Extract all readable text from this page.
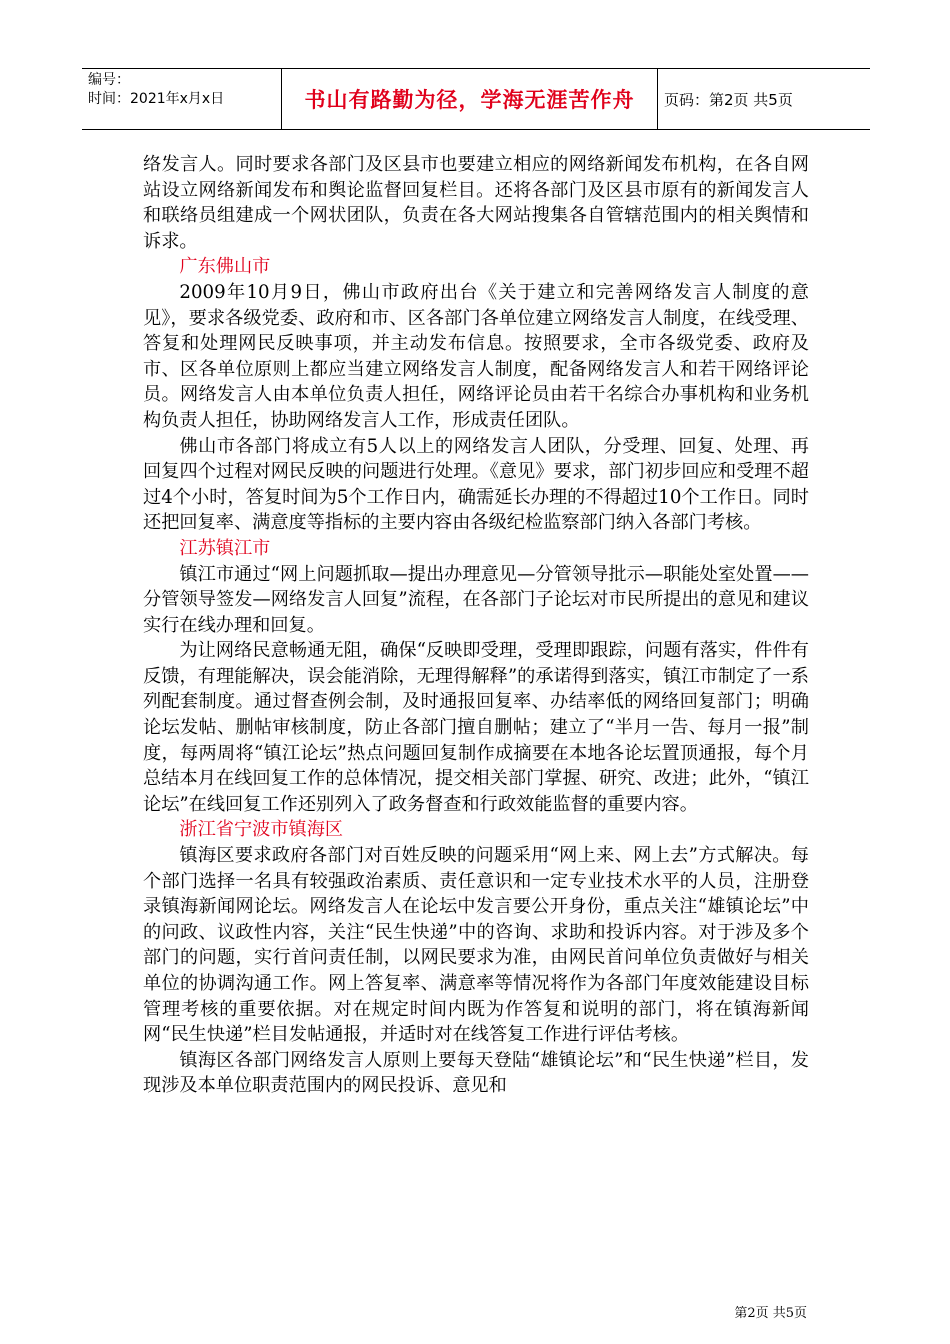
编号：
时间：2021年x月x日	书山有路勤为径，学海无涯苦作舟	页码：第2页 共5页

络发言人。同时要求各部门及区县市也要建立相应的网络新闻发布机构，在各自网站设立网络新闻发布和舆论监督回复栏目。还将各部门及区县市原有的新闻发言人和联络员组建成一个网状团队，负责在各大网站搜集各自管辖范围内的相关舆情和诉求。

广东佛山市

2009年10月9日，佛山市政府出台《关于建立和完善网络发言人制度的意见》，要求各级党委、政府和市、区各部门各单位建立网络发言人制度，在线受理、答复和处理网民反映事项，并主动发布信息。按照要求，全市各级党委、政府及市、区各单位原则上都应当建立网络发言人制度，配备网络发言人和若干网络评论员。网络发言人由本单位负责人担任，网络评论员由若干名综合办事机构和业务机构负责人担任，协助网络发言人工作，形成责任团队。

佛山市各部门将成立有5人以上的网络发言人团队，分受理、回复、处理、再回复四个过程对网民反映的问题进行处理。《意见》要求，部门初步回应和受理不超过4个小时，答复时间为5个工作日内，确需延长办理的不得超过10个工作日。同时还把回复率、满意度等指标的主要内容由各级纪检监察部门纳入各部门考核。

江苏镇江市

镇江市通过“网上问题抓取—提出办理意见—分管领导批示—职能处室处置——分管领导签发—网络发言人回复”流程，在各部门子论坛对市民所提出的意见和建议实行在线办理和回复。

为让网络民意畅通无阻，确保“反映即受理，受理即跟踪，问题有落实，件件有反馈，有理能解决，误会能消除，无理得解释”的承诺得到落实，镇江市制定了一系列配套制度。通过督查例会制，及时通报回复率、办结率低的网络回复部门；明确论坛发帖、删帖审核制度，防止各部门擅自删帖；建立了“半月一告、每月一报”制度，每两周将“镇江论坛”热点问题回复制作成摘要在本地各论坛置顶通报，每个月总结本月在线回复工作的总体情况，提交相关部门掌握、研究、改进；此外，“镇江论坛”在线回复工作还别列入了政务督查和行政效能监督的重要内容。

浙江省宁波市镇海区

镇海区要求政府各部门对百姓反映的问题采用“网上来、网上去”方式解决。每个部门选择一名具有较强政治素质、责任意识和一定专业技术水平的人员，注册登录镇海新闻网论坛。网络发言人在论坛中发言要公开身份，重点关注“雄镇论坛”中的问政、议政性内容，关注“民生快递”中的咨询、求助和投诉内容。对于涉及多个部门的问题，实行首问责任制，以网民要求为准，由网民首问单位负责做好与相关单位的协调沟通工作。网上答复率、满意率等情况将作为各部门年度效能建设目标管理考核的重要依据。对在规定时间内既为作答复和说明的部门，将在镇海新闻网“民生快递”栏目发帖通报，并适时对在线答复工作进行评估考核。

镇海区各部门网络发言人原则上要每天登陆“雄镇论坛”和“民生快递”栏目，发现涉及本单位职责范围内的网民投诉、意见和

第2页 共5页
